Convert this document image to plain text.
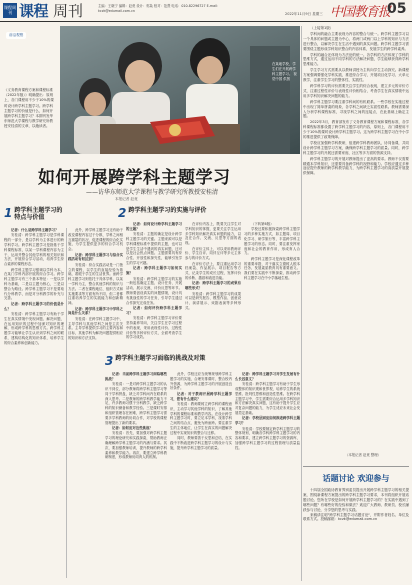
课程周刊 课程 周刊	主编：王晓宁 编辑：赵竟 设计：郭枭 校对：范熹 电话：010-82296727 E-mail：kczk@edumail.com.cn
2022年11月9日 星期三 中国教育报
05
前沿观察
《义务教育课程方案和课程标准（2022年版）》明确提出：原则上，各门课程用不少于10%的课时设计跨学科主题学习。跨学科主题学习的价值是什么，如何开展跨学科主题学习？本期刊发华东师范大学课程与教学研究所教授安桂清的文章，以飨读者。
在某地学校，学生们在开展跨学科主题学习。 视觉中国 供图

（上接第1版）

学科间的融合主要表现为内容的整合与统一。跨学科主题学习以一个具体的问题或主题为中心，将两门或两门以上学科的知识与方法进行整合，以解决学生在生活中遇到的真实问题。跨学科主题学习需要围绕主题形成学科知识整合的内容体系，发展学生的跨学科素养。

学科的融合还体现为方法论的统一。各学科的方法体现了学科的思维方式，通过运用不同学科的方法解决问题，学生能够获得跨学科思维能力。

学生学习方式需要从以教师讲授为主转向学生主动探究。新课程方案强调要强化学科实践，推进综合学习，开展项目化学习、大单元教学，注重学生学习的整体性、实践性。

跨学科学习的评价需要关注学生的综合表现，建立多元的评价方式，注重过程性评价与表现性评价相结合，考查学生在真实情境中运用多学科知识解决问题的能力。

跨学科主题学习要注重学科间的有机联系。一些学校在实施过程中出现了简单拼凑的现象，各学科之间缺乏实质性联系。教师需要深入分析学科课程标准，寻找学科之间的连接点，在此基础上确定主题。

2022年3月，教育部发布了义务教育课程方案和课程标准，各学科课程标准都设置了跨学科主题学习的内容，原则上，各门课程用不少于10%的课时设计跨学科主题学习。这为跨学科主题学习在中小学的推进提供了政策保障。

学校应加强跨学科教研，组建跨学科教师团队，协同备课，共同设计跨学科主题学习方案，确保跨学科主题学习的质量。同时，跨学科主题学习的开展还需要家庭、社区等多方面的资源支持。

跨学科主题学习的开展对教师提出了更高的要求。教师不仅需要精通本学科知识，还需要具备跨学科的视野和能力。学校应通过多种途径提升教师的跨学科教学能力，为跨学科主题学习的高质量开展提供保障。

如何开展跨学科主题学习
——访华东师范大学课程与教学研究所教授安桂清
本报记者 赵竟
1 跨学科主题学习的特点与价值	2 跨学科主题学习的实施与评价
3 跨学科主题学习面临的挑战及对策

记者：什么是跨学科主题学习？

安桂清：跨学科主题学习是学科课程的一部分，是以学科为主体进行的跨学科学习。跨学科主题学习是指基于学科课程标准，以某一学科课程内容为主干，运用并整合其他学科的相关知识和方法，开展综合学习活动，培育学生综合素养的课程形态。

跨学科主题学习强调以学科为本，在某门学科内部开展的综合学习。跨学科主题学习有三个基本特征：一是以学科为基础，二是以主题为核心，三是以整合为路径。跨学科主题学习不是要取代分科教学，而是对分科教学的补充与完善。

记者：跨学科主题学习的价值是什么？

安桂清：跨学科主题学习有助于学生在真实情境中发现问题、解决问题，在运用知识的过程中加深对知识的理解，形成跨学科的思维方式。跨学科主题学习能够让学生认识到学科之间的联系，建构结构化的知识体系，培养学生的综合素养和创新能力。

此外，跨学科主题学习还有助于改变课程内容过于分散、学科之间相互割裂的状况，促进课程的综合化实施，为学生提供更多的综合学习机会。

记者：跨学科主题学习与综合实践活动有何区别？

安桂清：综合实践活动是一门独立的课程，以学生的直接经验为基础，着眼于学生的生活世界。而跨学科主题学习则依托于具体学科，以某一学科为主，整合其他学科的知识与方法。二者在课程地位、组织方式和实施要求等方面有所不同，但二者都注重培养学生的实践能力和创新精神。

记者：跨学科主题学习中学科之间是什么关系？

安桂清：在跨学科主题学习中，主导学科与其他学科之间是主次关系。主导学科提供学习的主要内容和目标，其他学科为解决问题提供相应的知识和方法支持。

记者：如何设计跨学科主题学习的主题？

安桂清：主题的确定是设计跨学科主题学习的关键。主题来源可以是学科课程标准中提供的主题，也可以是学生生活中遇到的真实问题，还可以是社会热点问题。主题需要具有综合性、开放性和探究性，能够引发学生的学习兴趣。

记者：跨学科主题学习如何实施？

安桂清：跨学科主题学习的实施一般包括确定主题、设计任务、开展活动、展示交流、评价反思等环节。教师要创设真实的问题情境，设计具有挑战性的学习任务，引导学生通过合作探究完成任务。

记者：如何评价跨学科主题学习？

安桂清：跨学科主题学习评价要坚持素养导向，关注学生在学习过程中的表现，采用表现性评价、过程性评价等多种评价方式，全面考查学生的学习成效。

在评价内容上，既要关注学生对学科知识的掌握，更要关注学生运用多学科知识解决真实问题的能力，以及在合作、交流、反思等方面的表现。

在评价主体上，可以采用教师评价、学生自评、同伴互评等多元主体参与的评价方式。

在评价方法上，要注重运用学习档案袋、作品展示、项目报告等方式，记录学生的成长过程，发挥评价的诊断、激励和改进功能。

记者：跨学科主题学习的成果有哪些形式？

安桂清：跨学科主题学习的成果可以是研究报告、模型作品、创意设计、演讲展示、戏剧表演等多种形式。

（下转第6版）

学校还要积极探索跨学科主题学习的多种实施方式，如主题周、项目化学习、研学旅行等，丰富跨学科主题学习的形态。同时，要注重发挥家庭和社会的教育作用，形成育人合力。

跨学科主题学习是深化课程改革的重要举措，对于落实立德树人根本任务、发展素质教育具有重要意义。我们要在实践中不断探索，推动跨学科主题学习在中小学落地生根。

记者：当前跨学科主题学习面临哪些挑战？

安桂清：一是对跨学科主题学习的认识不到位，部分教师将跨学科主题学习等同于学科拼盘，缺乏对学科间内在联系的深入思考。二是教师的跨学科教学能力不足，许多教师习惯于分科教学，缺乏跨学科的知识储备和教学经验。三是课时安排和组织管理存在困难，跨学科主题学习需要多学科教师的协同合作，对学校的课程管理提出了新的要求。

记者：如何应对这些挑战？

安桂清：首先，要加强对跨学科主题学习的理论研究和实践探索，帮助教师正确理解跨学科主题学习的内涵与要求。其次，要加强教师培训，提升教师的跨学科素养和教学能力。再次，要建立跨学科教研制度，形成教师协同育人的机制。

此外，学校还应当统筹规划跨学科主题学习的实施，合理安排课时，整合校内外资源，为跨学科主题学习的开展创造良好条件。

记者：对于教师开展跨学科主题学习，您有什么建议？

安桂清：教师要树立跨学科的课程意识，主动学习其他学科的知识，了解其他学科的课程标准和教学内容。在设计跨学科主题学习时，要立足本学科，找准学科之间的结合点，避免为跨而跨。要注重学生的主体地位，让学生在真实的问题解决过程中实现知识的整合与迁移。

同时，教师要善于反思和总结，在实践中不断改进跨学科主题学习的设计与实施，提升跨学科主题学习的质量。

记者：跨学科主题学习对学生发展有什么长远意义？

安桂清：跨学科主题学习有助于学生形成整体的知识观和世界观，培养学生的系统思维、批判性思维和创造性思维。在跨学科主题学习中，学生需要综合运用多学科知识和方法解决真实问题，这有助于提升学生应对复杂问题的能力，为学生适应未来社会发展奠定基础。

记者：学校层面应如何推进跨学科主题学习？

安桂清：学校要制定跨学科主题学习的整体规划，明确各学科跨学科主题学习的内容和要求，建立跨学科主题学习的资源库，加强跨学科主题学习的过程管理与质量监控。

（本报记者 赵竟 整理）
话题讨论 欢迎参与

十四届全国政协教育界别委员提出开展跨学科主题学习的相关提案，围绕新课程方案提出的跨学科主题学习要求，本刊将组织开展话题讨论。您所在学校是如何开展跨学科主题学习的？在实践中遇到了哪些问题？有哪些好的经验和做法？欢迎广大教师、教研员、校长踊跃参与讨论，分享您的思考与实践。

来稿请注明"跨学科主题学习话题讨论"，并附作者姓名、单位及联系方式。投稿邮箱：kczk@edumail.com.cn
